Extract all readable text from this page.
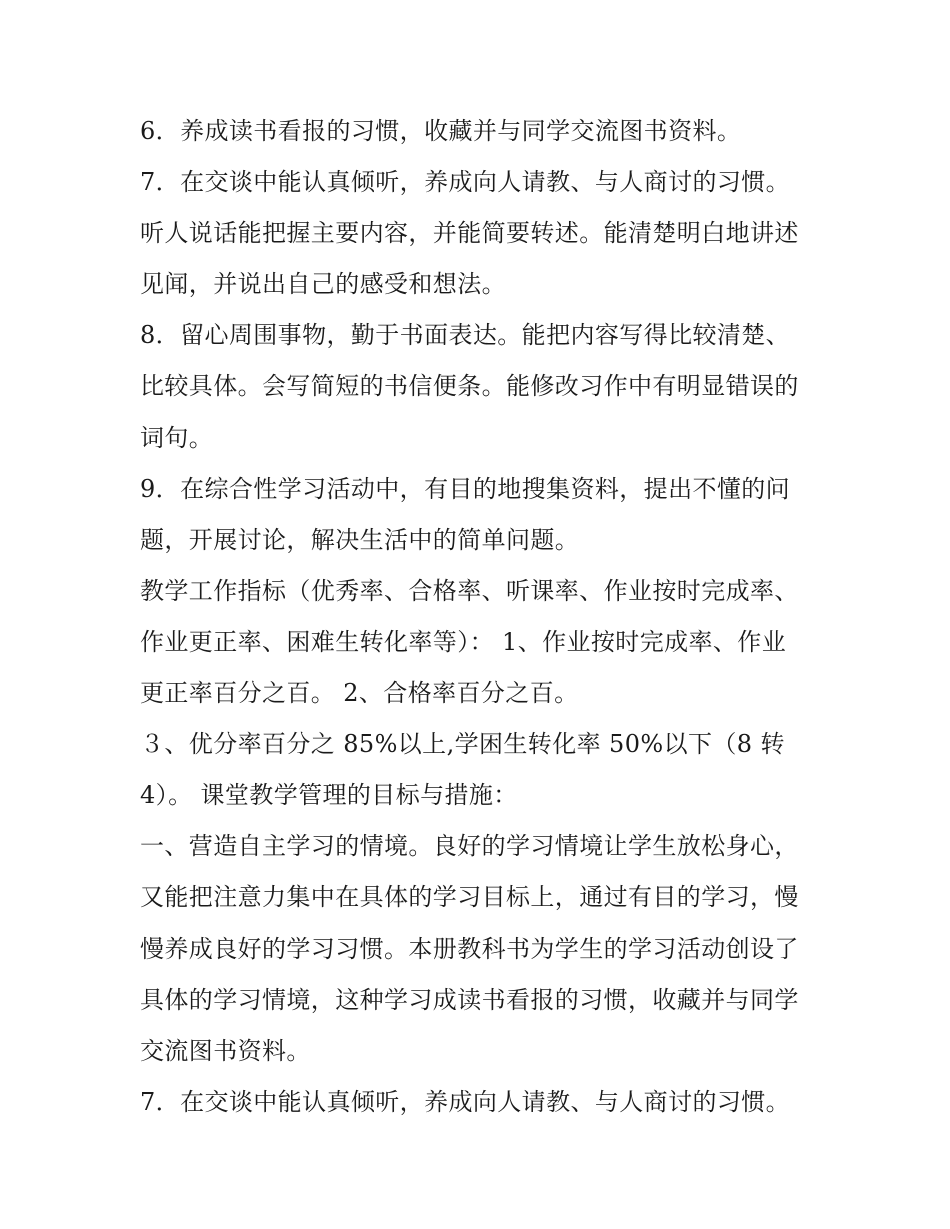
6．养成读书看报的习惯，收藏并与同学交流图书资料。
7．在交谈中能认真倾听，养成向人请教、与人商讨的习惯。
听人说话能把握主要内容，并能简要转述。能清楚明白地讲述
见闻，并说出自己的感受和想法。
8．留心周围事物，勤于书面表达。能把内容写得比较清楚、
比较具体。会写简短的书信便条。能修改习作中有明显错误的
词句。
9．在综合性学习活动中，有目的地搜集资料，提出不懂的问
题，开展讨论，解决生活中的简单问题。
教学工作指标（优秀率、合格率、听课率、作业按时完成率、
作业更正率、困难生转化率等）： 1、作业按时完成率、作业
更正率百分之百。 2、合格率百分之百。
３、优分率百分之 85%以上,学困生转化率 50%以下（8 转
4）。 课堂教学管理的目标与措施：
一、营造自主学习的情境。良好的学习情境让学生放松身心，
又能把注意力集中在具体的学习目标上，通过有目的学习，慢
慢养成良好的学习习惯。本册教科书为学生的学习活动创设了
具体的学习情境，这种学习成读书看报的习惯，收藏并与同学
交流图书资料。
7．在交谈中能认真倾听，养成向人请教、与人商讨的习惯。
